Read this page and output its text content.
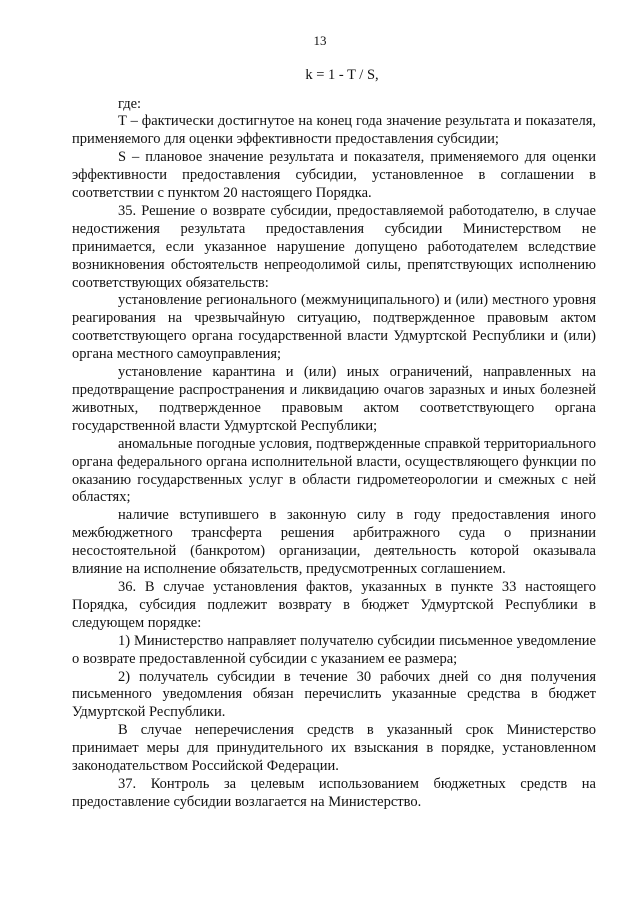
13
k = 1 - T / S,

где:

T – фактически достигнутое на конец года значение результата и показателя, применяемого для оценки эффективности предоставления субсидии;

S – плановое значение результата и показателя, применяемого для оценки эффективности предоставления субсидии, установленное в соглашении в соответствии с пунктом 20 настоящего Порядка.

35. Решение о возврате субсидии, предоставляемой работодателю, в случае недостижения результата предоставления субсидии Министерством не принимается, если указанное нарушение допущено работодателем вследствие возникновения обстоятельств непреодолимой силы, препятствующих исполнению соответствующих обязательств:

установление регионального (межмуниципального) и (или) местного уровня реагирования на чрезвычайную ситуацию, подтвержденное правовым актом соответствующего органа государственной власти Удмуртской Республики и (или) органа местного самоуправления;

установление карантина и (или) иных ограничений, направленных на предотвращение распространения и ликвидацию очагов заразных и иных болезней животных, подтвержденное правовым актом соответствующего органа государственной власти Удмуртской Республики;

аномальные погодные условия, подтвержденные справкой территориального органа федерального органа исполнительной власти, осуществляющего функции по оказанию государственных услуг в области гидрометеорологии и смежных с ней областях;

наличие вступившего в законную силу в году предоставления иного межбюджетного трансферта решения арбитражного суда о признании несостоятельной (банкротом) организации, деятельность которой оказывала влияние на исполнение обязательств, предусмотренных соглашением.

36. В случае установления фактов, указанных в пункте 33 настоящего Порядка, субсидия подлежит возврату в бюджет Удмуртской Республики в следующем порядке:

1) Министерство направляет получателю субсидии письменное уведомление о возврате предоставленной субсидии с указанием ее размера;

2) получатель субсидии в течение 30 рабочих дней со дня получения письменного уведомления обязан перечислить указанные средства в бюджет Удмуртской Республики.

В случае неперечисления средств в указанный срок Министерство принимает меры для принудительного их взыскания в порядке, установленном законодательством Российской Федерации.

37. Контроль за целевым использованием бюджетных средств на предоставление субсидии возлагается на Министерство.
